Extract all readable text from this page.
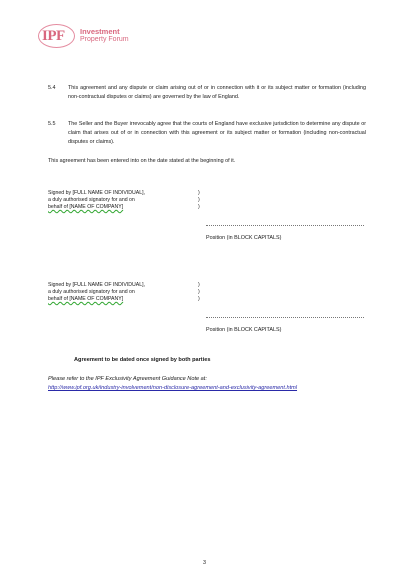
IPF Investment
Property Forum
5.4 This agreement and any dispute or claim arising out of or in connection with it or its subject matter or formation (including non-contractual disputes or claims) are governed by the law of England.
5.5 The Seller and the Buyer irrevocably agree that the courts of England have exclusive jurisdiction to determine any dispute or claim that arises out of or in connection with this agreement or its subject matter or formation (including non-contractual disputes or claims).
This agreement has been entered into on the date stated at the beginning of it.
Signed by [FULL NAME OF INDIVIDUAL],
a duly authorised signatory for and on
behalf of [NAME OF COMPANY]
)
)
)
Position (in BLOCK CAPITALS)
Signed by [FULL NAME OF INDIVIDUAL],
a duly authorised signatory for and on
behalf of [NAME OF COMPANY]
)
)
)
Position (in BLOCK CAPITALS)
Agreement to be dated once signed by both parties
Please refer to the IPF Exclusivity Agreement Guidance Note at:
http://www.ipf.org.uk/industry-involvement/non-disclosure-agreement-and-exclusivity-agreement.html
3
